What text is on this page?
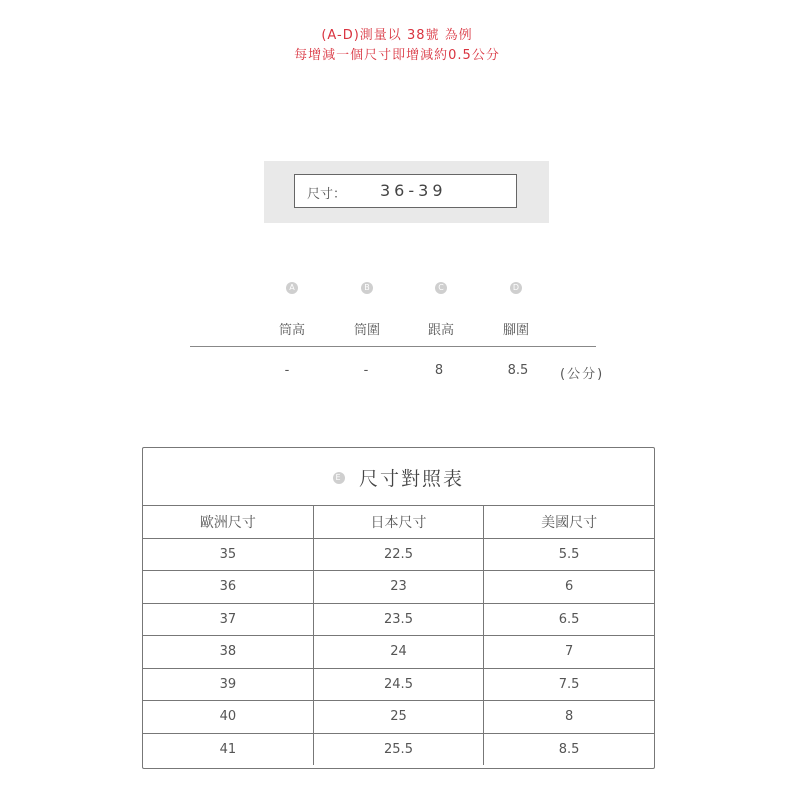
(A-D)測量以 38號 為例
每增減一個尺寸即增減約0.5公分
尺寸： 36-39
A	B	C	D
筒高	筒圍	跟高	腳圍
-	-	8	8.5	(公分)
E 尺寸對照表
歐洲尺寸	日本尺寸	美國尺寸
35	22.5	5.5
36	23	6
37	23.5	6.5
38	24	7
39	24.5	7.5
40	25	8
41	25.5	8.5
